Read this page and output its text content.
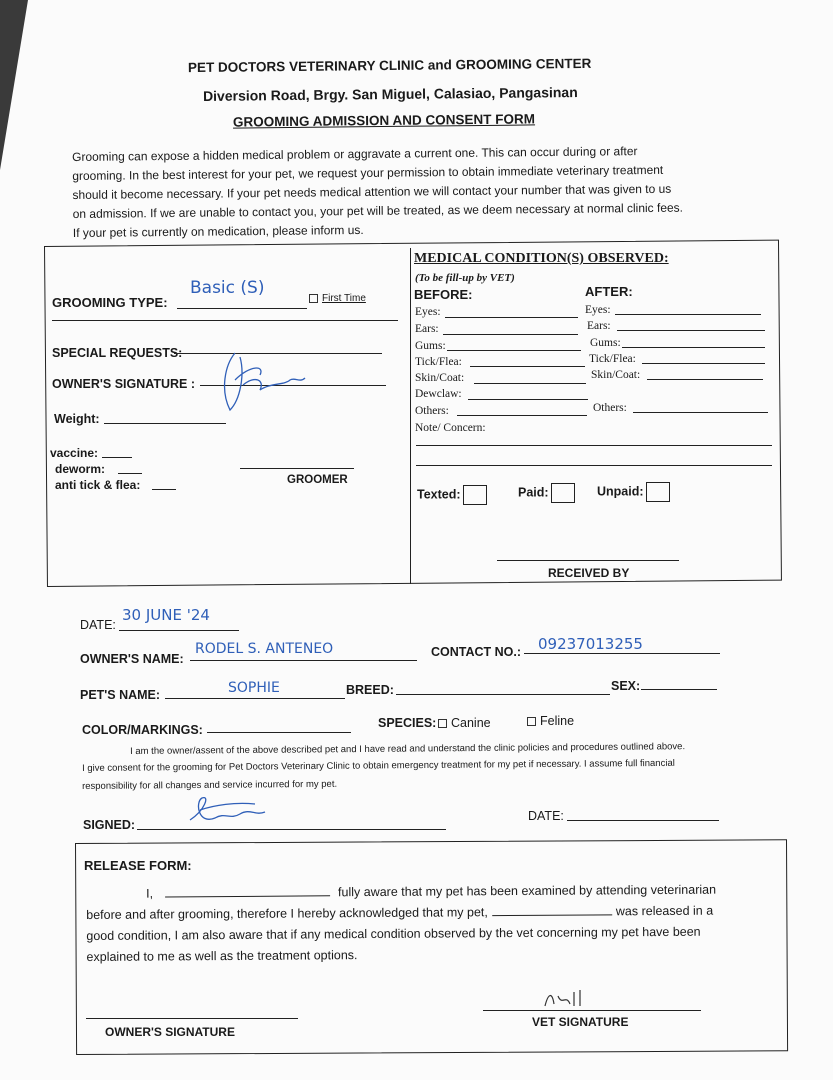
PET DOCTORS VETERINARY CLINIC and GROOMING CENTER
Diversion Road, Brgy. San Miguel, Calasiao, Pangasinan
GROOMING ADMISSION AND CONSENT FORM
Grooming can expose a hidden medical problem or aggravate a current one. This can occur during or after
grooming. In the best interest for your pet, we request your permission to obtain immediate veterinary treatment
should it become necessary. If your pet needs medical attention we will contact your number that was given to us
on admission. If we are unable to contact you, your pet will be treated, as we deem necessary at normal clinic fees.
If your pet is currently on medication, please inform us.
GROOMING TYPE:
Basic (S)
First Time
SPECIAL REQUESTS:
OWNER'S SIGNATURE :
Weight:
vaccine:
deworm:
anti tick & flea:	GROOMER
MEDICAL CONDITION(S) OBSERVED:
(To be fill-up by VET)
BEFORE:	AFTER:
Eyes:
Ears:
Gums:
Tick/Flea:
Skin/Coat:
Dewclaw:
Others:
Note/ Concern:
Eyes:
Ears:
Gums:
Tick/Flea:
Skin/Coat:
Others:
Texted:	Paid:	Unpaid:
RECEIVED BY
DATE:
30 JUNE '24
OWNER'S NAME:
RODEL S. ANTENEO	CONTACT NO.: 09237013255
PET'S NAME:	SOPHIE	BREED:	SEX:
COLOR/MARKINGS:	SPECIES:	Canine	Feline
I am the owner/assent of the above described pet and I have read and understand the clinic policies and procedures outlined above.
I give consent for the grooming for Pet Doctors Veterinary Clinic to obtain emergency treatment for my pet if necessary. I assume full financial
responsibility for all changes and service incurred for my pet.
SIGNED:
DATE:
RELEASE FORM:
I,	fully aware that my pet has been examined by attending veterinarian
before and after grooming, therefore I hereby acknowledged that my pet,	was released in a
good condition, I am also aware that if any medical condition observed by the vet concerning my pet have been
explained to me as well as the treatment options.
OWNER'S SIGNATURE
VET SIGNATURE
